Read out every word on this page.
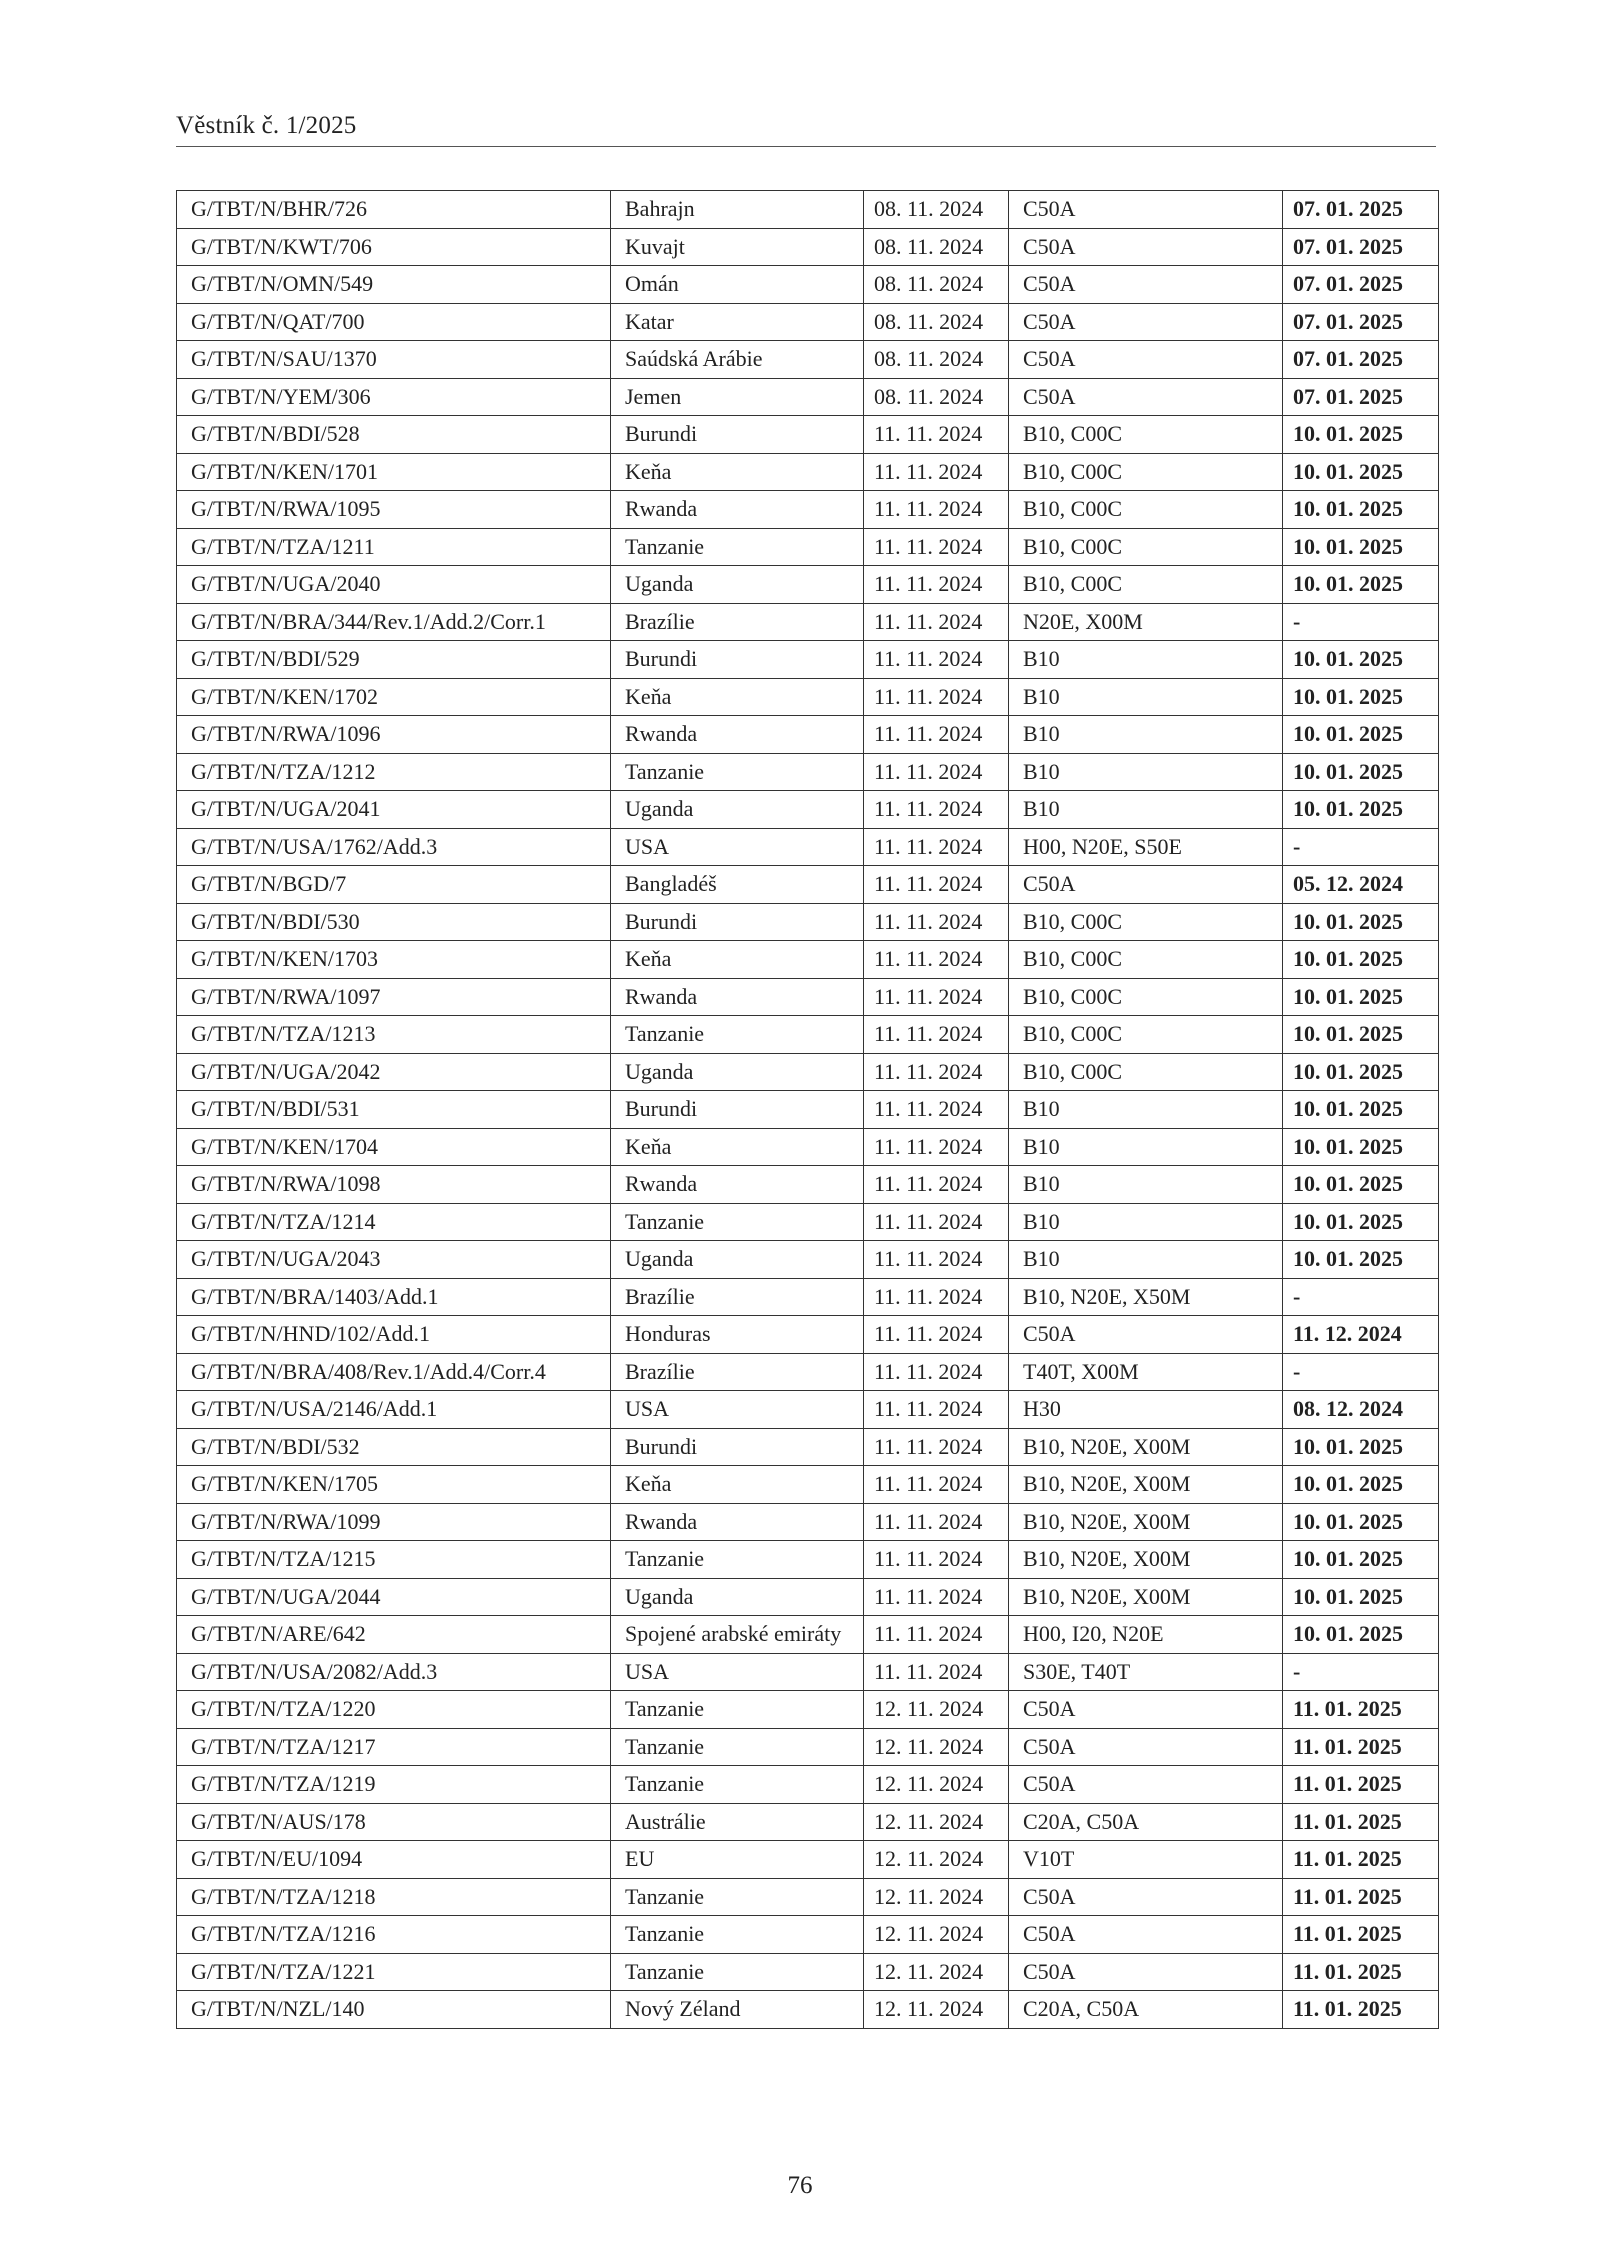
Věstník č. 1/2025
G/TBT/N/BHR/726	Bahrajn	08. 11. 2024	C50A	07. 01. 2025
G/TBT/N/KWT/706	Kuvajt	08. 11. 2024	C50A	07. 01. 2025
G/TBT/N/OMN/549	Omán	08. 11. 2024	C50A	07. 01. 2025
G/TBT/N/QAT/700	Katar	08. 11. 2024	C50A	07. 01. 2025
G/TBT/N/SAU/1370	Saúdská Arábie	08. 11. 2024	C50A	07. 01. 2025
G/TBT/N/YEM/306	Jemen	08. 11. 2024	C50A	07. 01. 2025
G/TBT/N/BDI/528	Burundi	11. 11. 2024	B10, C00C	10. 01. 2025
G/TBT/N/KEN/1701	Keňa	11. 11. 2024	B10, C00C	10. 01. 2025
G/TBT/N/RWA/1095	Rwanda	11. 11. 2024	B10, C00C	10. 01. 2025
G/TBT/N/TZA/1211	Tanzanie	11. 11. 2024	B10, C00C	10. 01. 2025
G/TBT/N/UGA/2040	Uganda	11. 11. 2024	B10, C00C	10. 01. 2025
G/TBT/N/BRA/344/Rev.1/Add.2/Corr.1	Brazílie	11. 11. 2024	N20E, X00M	-
G/TBT/N/BDI/529	Burundi	11. 11. 2024	B10	10. 01. 2025
G/TBT/N/KEN/1702	Keňa	11. 11. 2024	B10	10. 01. 2025
G/TBT/N/RWA/1096	Rwanda	11. 11. 2024	B10	10. 01. 2025
G/TBT/N/TZA/1212	Tanzanie	11. 11. 2024	B10	10. 01. 2025
G/TBT/N/UGA/2041	Uganda	11. 11. 2024	B10	10. 01. 2025
G/TBT/N/USA/1762/Add.3	USA	11. 11. 2024	H00, N20E, S50E	-
G/TBT/N/BGD/7	Bangladéš	11. 11. 2024	C50A	05. 12. 2024
G/TBT/N/BDI/530	Burundi	11. 11. 2024	B10, C00C	10. 01. 2025
G/TBT/N/KEN/1703	Keňa	11. 11. 2024	B10, C00C	10. 01. 2025
G/TBT/N/RWA/1097	Rwanda	11. 11. 2024	B10, C00C	10. 01. 2025
G/TBT/N/TZA/1213	Tanzanie	11. 11. 2024	B10, C00C	10. 01. 2025
G/TBT/N/UGA/2042	Uganda	11. 11. 2024	B10, C00C	10. 01. 2025
G/TBT/N/BDI/531	Burundi	11. 11. 2024	B10	10. 01. 2025
G/TBT/N/KEN/1704	Keňa	11. 11. 2024	B10	10. 01. 2025
G/TBT/N/RWA/1098	Rwanda	11. 11. 2024	B10	10. 01. 2025
G/TBT/N/TZA/1214	Tanzanie	11. 11. 2024	B10	10. 01. 2025
G/TBT/N/UGA/2043	Uganda	11. 11. 2024	B10	10. 01. 2025
G/TBT/N/BRA/1403/Add.1	Brazílie	11. 11. 2024	B10, N20E, X50M	-
G/TBT/N/HND/102/Add.1	Honduras	11. 11. 2024	C50A	11. 12. 2024
G/TBT/N/BRA/408/Rev.1/Add.4/Corr.4	Brazílie	11. 11. 2024	T40T, X00M	-
G/TBT/N/USA/2146/Add.1	USA	11. 11. 2024	H30	08. 12. 2024
G/TBT/N/BDI/532	Burundi	11. 11. 2024	B10, N20E, X00M	10. 01. 2025
G/TBT/N/KEN/1705	Keňa	11. 11. 2024	B10, N20E, X00M	10. 01. 2025
G/TBT/N/RWA/1099	Rwanda	11. 11. 2024	B10, N20E, X00M	10. 01. 2025
G/TBT/N/TZA/1215	Tanzanie	11. 11. 2024	B10, N20E, X00M	10. 01. 2025
G/TBT/N/UGA/2044	Uganda	11. 11. 2024	B10, N20E, X00M	10. 01. 2025
G/TBT/N/ARE/642	Spojené arabské emiráty	11. 11. 2024	H00, I20, N20E	10. 01. 2025
G/TBT/N/USA/2082/Add.3	USA	11. 11. 2024	S30E, T40T	-
G/TBT/N/TZA/1220	Tanzanie	12. 11. 2024	C50A	11. 01. 2025
G/TBT/N/TZA/1217	Tanzanie	12. 11. 2024	C50A	11. 01. 2025
G/TBT/N/TZA/1219	Tanzanie	12. 11. 2024	C50A	11. 01. 2025
G/TBT/N/AUS/178	Austrálie	12. 11. 2024	C20A, C50A	11. 01. 2025
G/TBT/N/EU/1094	EU	12. 11. 2024	V10T	11. 01. 2025
G/TBT/N/TZA/1218	Tanzanie	12. 11. 2024	C50A	11. 01. 2025
G/TBT/N/TZA/1216	Tanzanie	12. 11. 2024	C50A	11. 01. 2025
G/TBT/N/TZA/1221	Tanzanie	12. 11. 2024	C50A	11. 01. 2025
G/TBT/N/NZL/140	Nový Zéland	12. 11. 2024	C20A, C50A	11. 01. 2025
76
